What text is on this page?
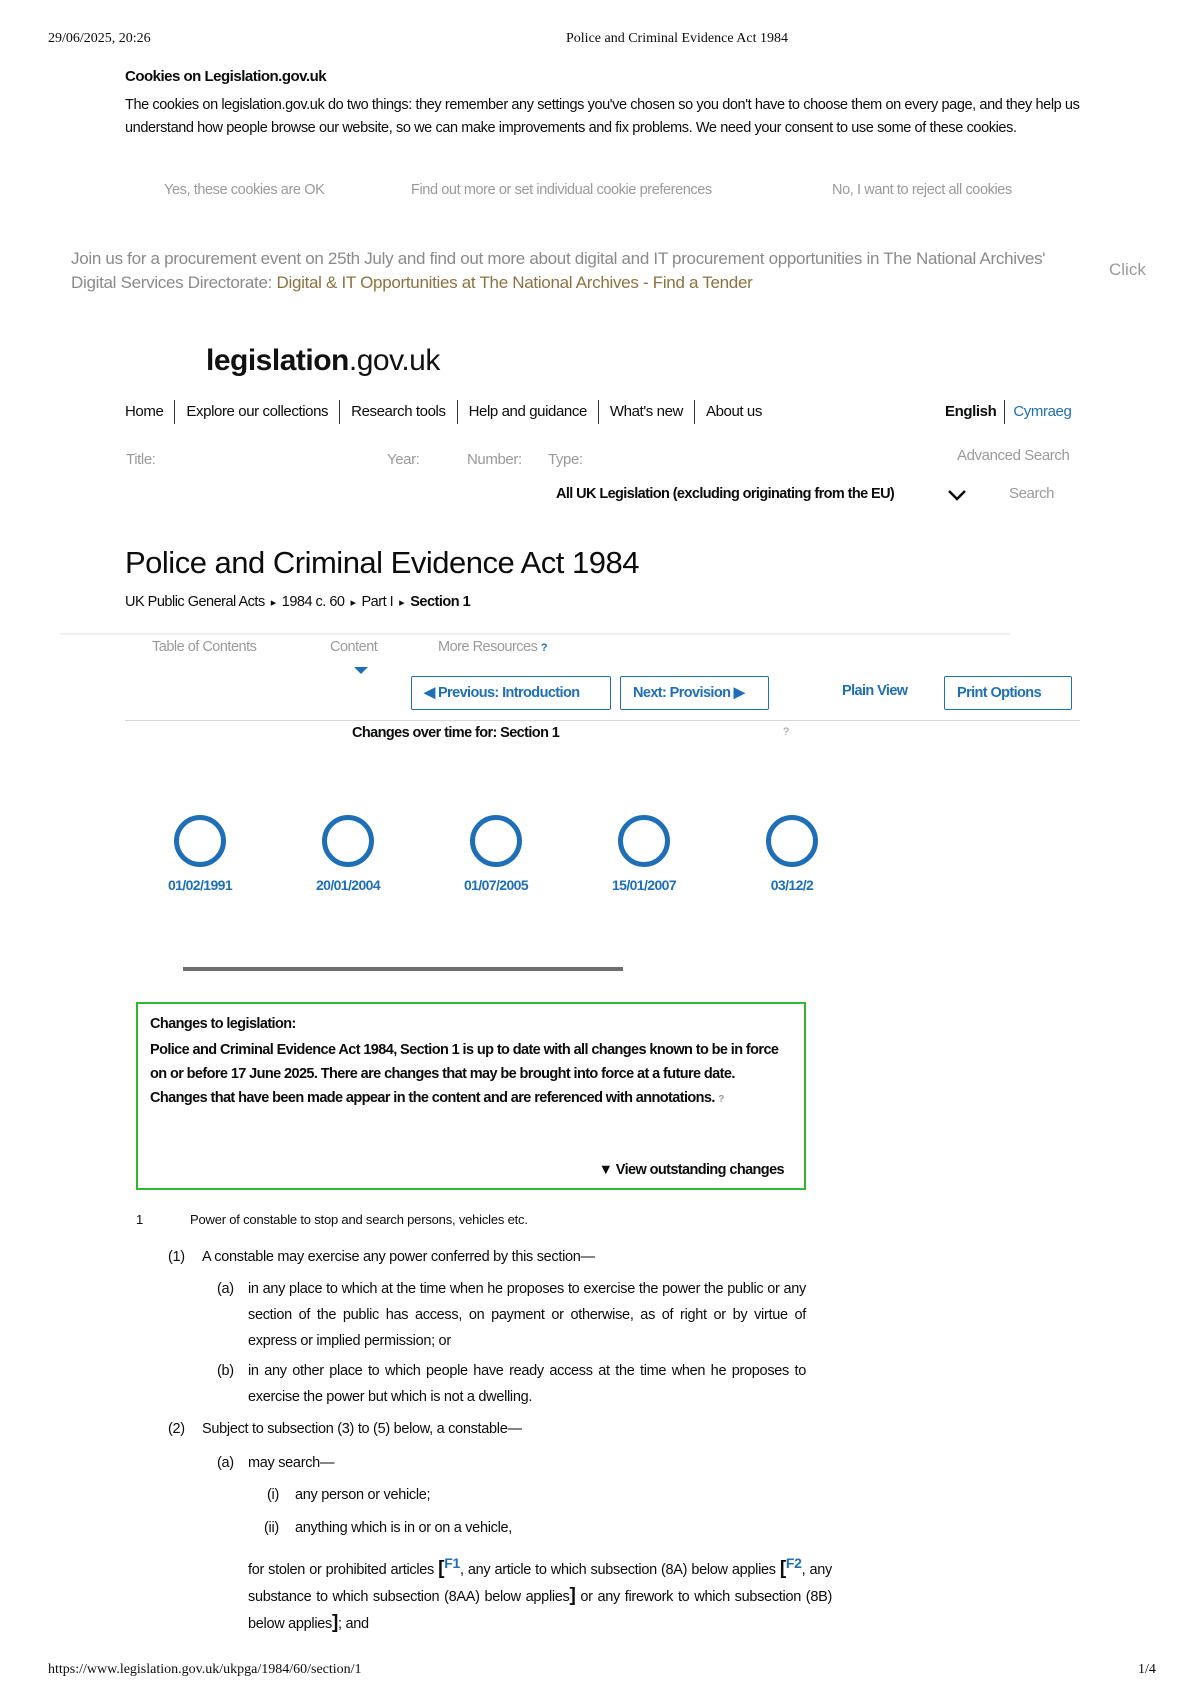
29/06/2025, 20:26	Police and Criminal Evidence Act 1984
Cookies on Legislation.gov.uk
The cookies on legislation.gov.uk do two things: they remember any settings you've chosen so you don't have to choose them on every page, and they help us understand how people browse our website, so we can make improvements and fix problems. We need your consent to use some of these cookies.
Yes, these cookies are OK	Find out more or set individual cookie preferences	No, I want to reject all cookies
Join us for a procurement event on 25th July and find out more about digital and IT procurement opportunities in The National Archives' Digital Services Directorate: Digital & IT Opportunities at The National Archives - Find a Tender
Click
legislation.gov.uk
Home	Explore our collections	Research tools	Help and guidance	What's new	About us	English	Cymraeg
Title:	Year:	Number: Type:	Advanced Search
All UK Legislation (excluding originating from the EU)	Search
Police and Criminal Evidence Act 1984
UK Public General Acts ▸ 1984 c. 60 ▸ Part I ▸ Section 1
Table of Contents	Content	More Resources ?
◀ Previous: Introduction	Next: Provision ▶	Plain View	Print Options
Changes over time for: Section 1	?
01/02/1991	20/01/2004	01/07/2005	15/01/2007	03/12/2
Changes to legislation:
Police and Criminal Evidence Act 1984, Section 1 is up to date with all changes known to be in force on or before 17 June 2025. There are changes that may be brought into force at a future date. Changes that have been made appear in the content and are referenced with annotations. ?
▼ View outstanding changes
1	Power of constable to stop and search persons, vehicles etc.
(1) A constable may exercise any power conferred by this section—
(a) in any place to which at the time when he proposes to exercise the power the public or any section of the public has access, on payment or otherwise, as of right or by virtue of express or implied permission; or
(b) in any other place to which people have ready access at the time when he proposes to exercise the power but which is not a dwelling.
(2) Subject to subsection (3) to (5) below, a constable—
(a) may search—
(i) any person or vehicle;
(ii) anything which is in or on a vehicle,
for stolen or prohibited articles [F1, any article to which subsection (8A) below applies [F2, any substance to which subsection (8AA) below applies] or any firework to which subsection (8B) below applies]; and
https://www.legislation.gov.uk/ukpga/1984/60/section/1	1/4
